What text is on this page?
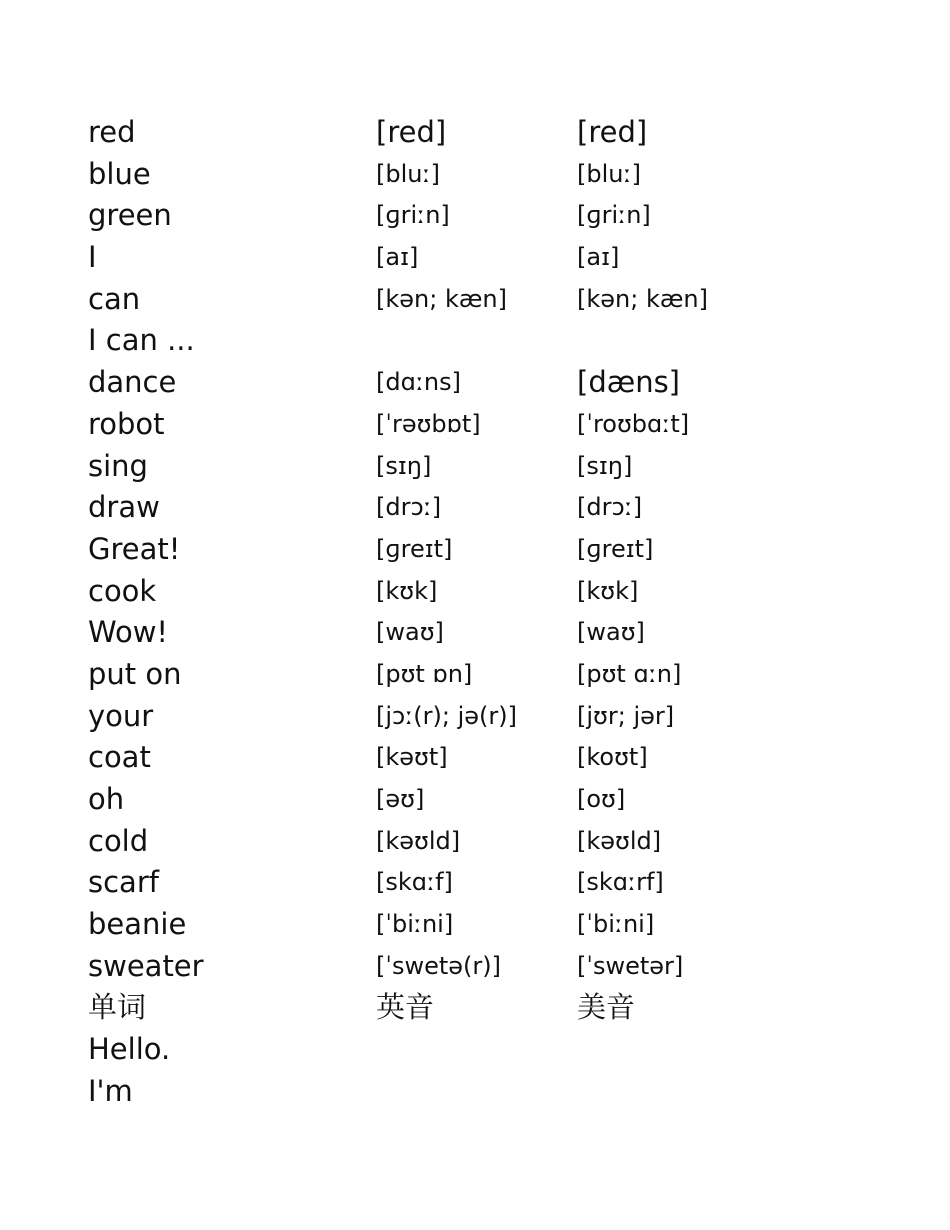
red	[red]	[red]
blue	[bluː]	[bluː]
green	[ɡriːn]	[ɡriːn]
I	[aɪ]	[aɪ]
can	[kən; kæn]	[kən; kæn]
I can ...
dance	[dɑːns]	[dæns]
robot	[ˈrəʊbɒt]	[ˈroʊbɑːt]
sing	[sɪŋ]	[sɪŋ]
draw	[drɔː]	[drɔː]
Great!	[ɡreɪt]	[ɡreɪt]
cook	[kʊk]	[kʊk]
Wow!	[waʊ]	[waʊ]
put on	[pʊt ɒn]	[pʊt ɑːn]
your	[jɔː(r); jə(r)]	[jʊr; jər]
coat	[kəʊt]	[koʊt]
oh	[əʊ]	[oʊ]
cold	[kəʊld]	[kəʊld]
scarf	[skɑːf]	[skɑːrf]
beanie	[ˈbiːni]	[ˈbiːni]
sweater	[ˈswetə(r)]	[ˈswetər]
单词	英音	美音
Hello.
I'm
